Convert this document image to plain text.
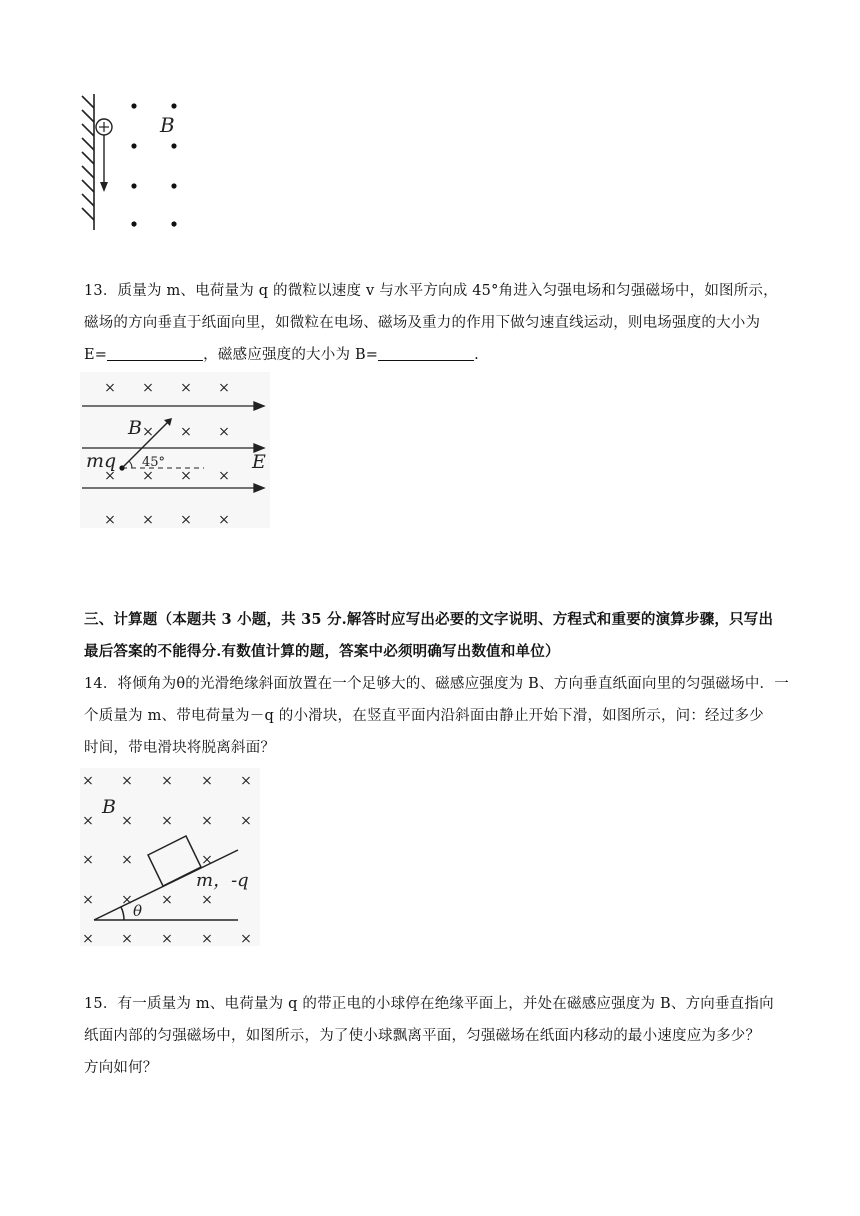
B
13．质量为 m、电荷量为 q 的微粒以速度 v 与水平方向成 45°角进入匀强电场和匀强磁场中，如图所示，
磁场的方向垂直于纸面向里，如微粒在电场、磁场及重力的作用下做匀速直线运动，则电场强度的大小为
E=	，磁感应强度的大小为 B=	.
× × × ×
× × ×
× × × ×
× × × ×
B
mq 45°	E
三、计算题（本题共 3 小题，共 35 分.解答时应写出必要的文字说明、方程式和重要的演算步骤，只写出
最后答案的不能得分.有数值计算的题，答案中必须明确写出数值和单位）
14．将倾角为θ的光滑绝缘斜面放置在一个足够大的、磁感应强度为 B、方向垂直纸面向里的匀强磁场中．一
个质量为 m、带电荷量为－q 的小滑块，在竖直平面内沿斜面由静止开始下滑，如图所示，问：经过多少
时间，带电滑块将脱离斜面？
× × × × ×
× × × × ×
× ×	×
× × × ×
× × × × ×
B
m，-q
θ
15．有一质量为 m、电荷量为 q 的带正电的小球停在绝缘平面上，并处在磁感应强度为 B、方向垂直指向
纸面内部的匀强磁场中，如图所示，为了使小球飘离平面，匀强磁场在纸面内移动的最小速度应为多少？
方向如何？
